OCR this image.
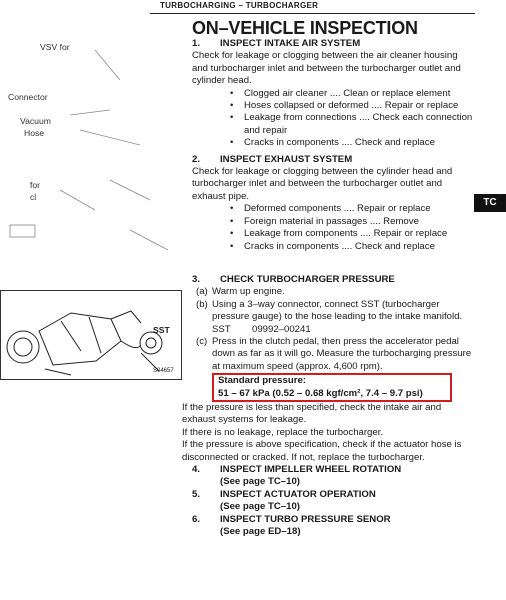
TURBOCHARGING – TURBOCHARGER
ON–VEHICLE INSPECTION
TC
VSV for
Connector
Vacuum
Hose
for
cl
SST
S04657
1.	INSPECT INTAKE AIR SYSTEM

Check for leakage or clogging between the air cleaner housing and turbocharger inlet and between the turbocharger outlet and cylinder head.

• Clogged air cleaner .... Clean or replace element
• Hoses collapsed or deformed .... Repair or replace
• Leakage from connections .... Check each connection and repair
• Cracks in components .... Check and replace
2.	INSPECT EXHAUST SYSTEM

Check for leakage or clogging between the cylinder head and turbocharger inlet and between the turbocharger outlet and exhaust pipe.

• Deformed components .... Repair or replace
• Foreign material in passages .... Remove
• Leakage from components .... Repair or replace
• Cracks in components .... Check and replace
3.	CHECK TURBOCHARGER PRESSURE
(a) Warm up engine.
(b) Using a 3–way connector, connect SST (turbocharger pressure gauge) to the hose leading to the intake manifold.
SST	09992–00241
(c) Press in the clutch pedal, then press the accelerator pedal down as far as it will go. Measure the turbocharging pressure at maximum speed (approx. 4,600 rpm).
Standard pressure:
51 – 67 kPa (0.52 – 0.68 kgf/cm², 7.4 – 9.7 psi)

If the pressure is less than specified, check the intake air and exhaust systems for leakage.

If there is no leakage, replace the turbocharger.

If the pressure is above specification, check if the actuator hose is disconnected or cracked. If not, replace the turbocharger.

4.	INSPECT IMPELLER WHEEL ROTATION
(See page TC–10)
5.	INSPECT ACTUATOR OPERATION
(See page TC–10)
6.	INSPECT TURBO PRESSURE SENOR
(See page ED–18)
